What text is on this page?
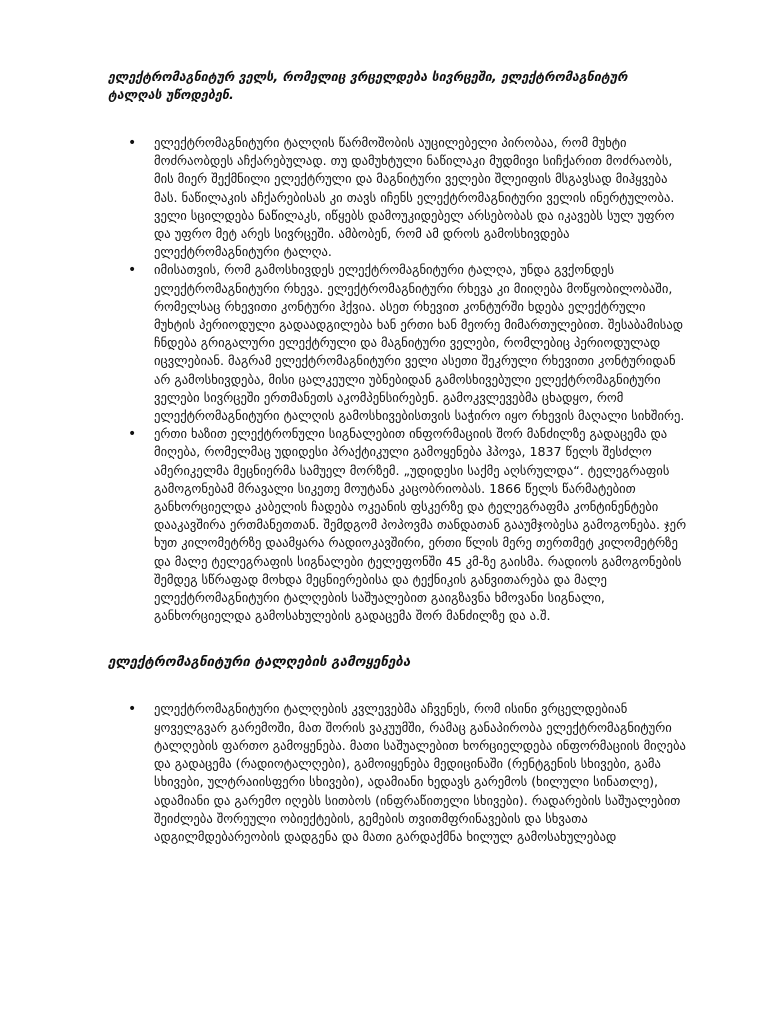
ელექტრომაგნიტურ ველს, რომელიც ვრცელდება სივრცეში, ელექტრომაგნიტურ ტალღას უწოდებენ.

• ელექტრომაგნიტური ტალღის წარმოშობის აუცილებელი პირობაა, რომ მუხტი მოძრაობდეს აჩქარებულად. თუ დამუხტული ნაწილაკი მუდმივი სიჩქარით მოძრაობს, მის მიერ შექმნილი ელექტრული და მაგნიტური ველები შლეიფის მსგავსად მიჰყვება მას. ნაწილაკის აჩქარებისას კი თავს იჩენს ელექტრომაგნიტური ველის ინერტულობა. ველი სცილდება ნაწილაკს, იწყებს დამოუკიდებელ არსებობას და იკავებს სულ უფრო და უფრო მეტ არეს სივრცეში. ამბობენ, რომ ამ დროს გამოსხივდება ელექტრომაგნიტური ტალღა.
• იმისათვის, რომ გამოსხივდეს ელექტრომაგნიტური ტალღა, უნდა გვქონდეს ელექტრომაგნიტური რხევა. ელექტრომაგნიტური რხევა კი მიიღება მოწყობილობაში, რომელსაც რხევითი კონტური ჰქვია. ასეთ რხევით კონტურში ხდება ელექტრული მუხტის პერიოდული გადაადგილება ხან ერთი ხან მეორე მიმართულებით. შესაბამისად ჩნდება გრიგალური ელექტრული და მაგნიტური ველები, რომლებიც პერიოდულად იცვლებიან. მაგრამ ელექტრომაგნიტური ველი ასეთი შეკრული რხევითი კონტურიდან არ გამოსხივდება, მისი ცალკეული უბნებიდან გამოსხივებული ელექტრომაგნიტური ველები სივრცეში ერთმანეთს აკომპენსირებენ. გამოკვლევებმა ცხადყო, რომ ელექტრომაგნიტური ტალღის გამოსხივებისთვის საჭირო იყო რხევის მაღალი სიხშირე.
• ერთი ხაზით ელექტრონული სიგნალებით ინფორმაციის შორ მანძილზე გადაცემა და მიღება, რომელმაც უდიდესი პრაქტიკული გამოყენება ჰპოვა, 1837 წელს შესძლო ამერიკელმა მეცნიერმა სამუელ მორზემ. „უდიდესი საქმე აღსრულდა“. ტელეგრაფის გამოგონებამ მრავალი სიკეთე მოუტანა კაცობრიობას. 1866 წელს წარმატებით განხორციელდა კაბელის ჩადება ოკეანის ფსკერზე და ტელეგრაფმა კონტინენტები დააკავშირა ერთმანეთთან. შემდგომ პოპოვმა თანდათან გააუმჯობესა გამოგონება. ჯერ ხუთ კილომეტრზე დაამყარა რადიოკავშირი, ერთი წლის მერე თერთმეტ კილომეტრზე და მალე ტელეგრაფის სიგნალები ტელეფონში 45 კმ-ზე გაისმა. რადიოს გამოგონების შემდეგ სწრაფად მოხდა მეცნიერებისა და ტექნიკის განვითარება და მალე ელექტრომაგნიტური ტალღების საშუალებით გაიგზავნა ხმოვანი სიგნალი, განხორციელდა გამოსახულების გადაცემა შორ მანძილზე და ა.შ.
ელექტრომაგნიტური ტალღების გამოყენება
• ელექტრომაგნიტური ტალღების კვლევებმა აჩვენეს, რომ ისინი ვრცელდებიან ყოველგვარ გარემოში, მათ შორის ვაკუუმში, რამაც განაპირობა ელექტრომაგნიტური ტალღების ფართო გამოყენება. მათი საშუალებით ხორციელდება ინფორმაციის მიღება და გადაცემა (რადიოტალღები), გამოიყენება მედიცინაში (რენტგენის სხივები, გამა სხივები, ულტრაიისფერი სხივები), ადამიანი ხედავს გარემოს (ხილული სინათლე), ადამიანი და გარემო იღებს სითბოს (ინფრაწითელი სხივები). რადარების საშუალებით შეიძლება შორეული ობიექტების, გემების თვითმფრინავების და სხვათა ადგილმდებარეობის დადგენა და მათი გარდაქმნა ხილულ გამოსახულებად
